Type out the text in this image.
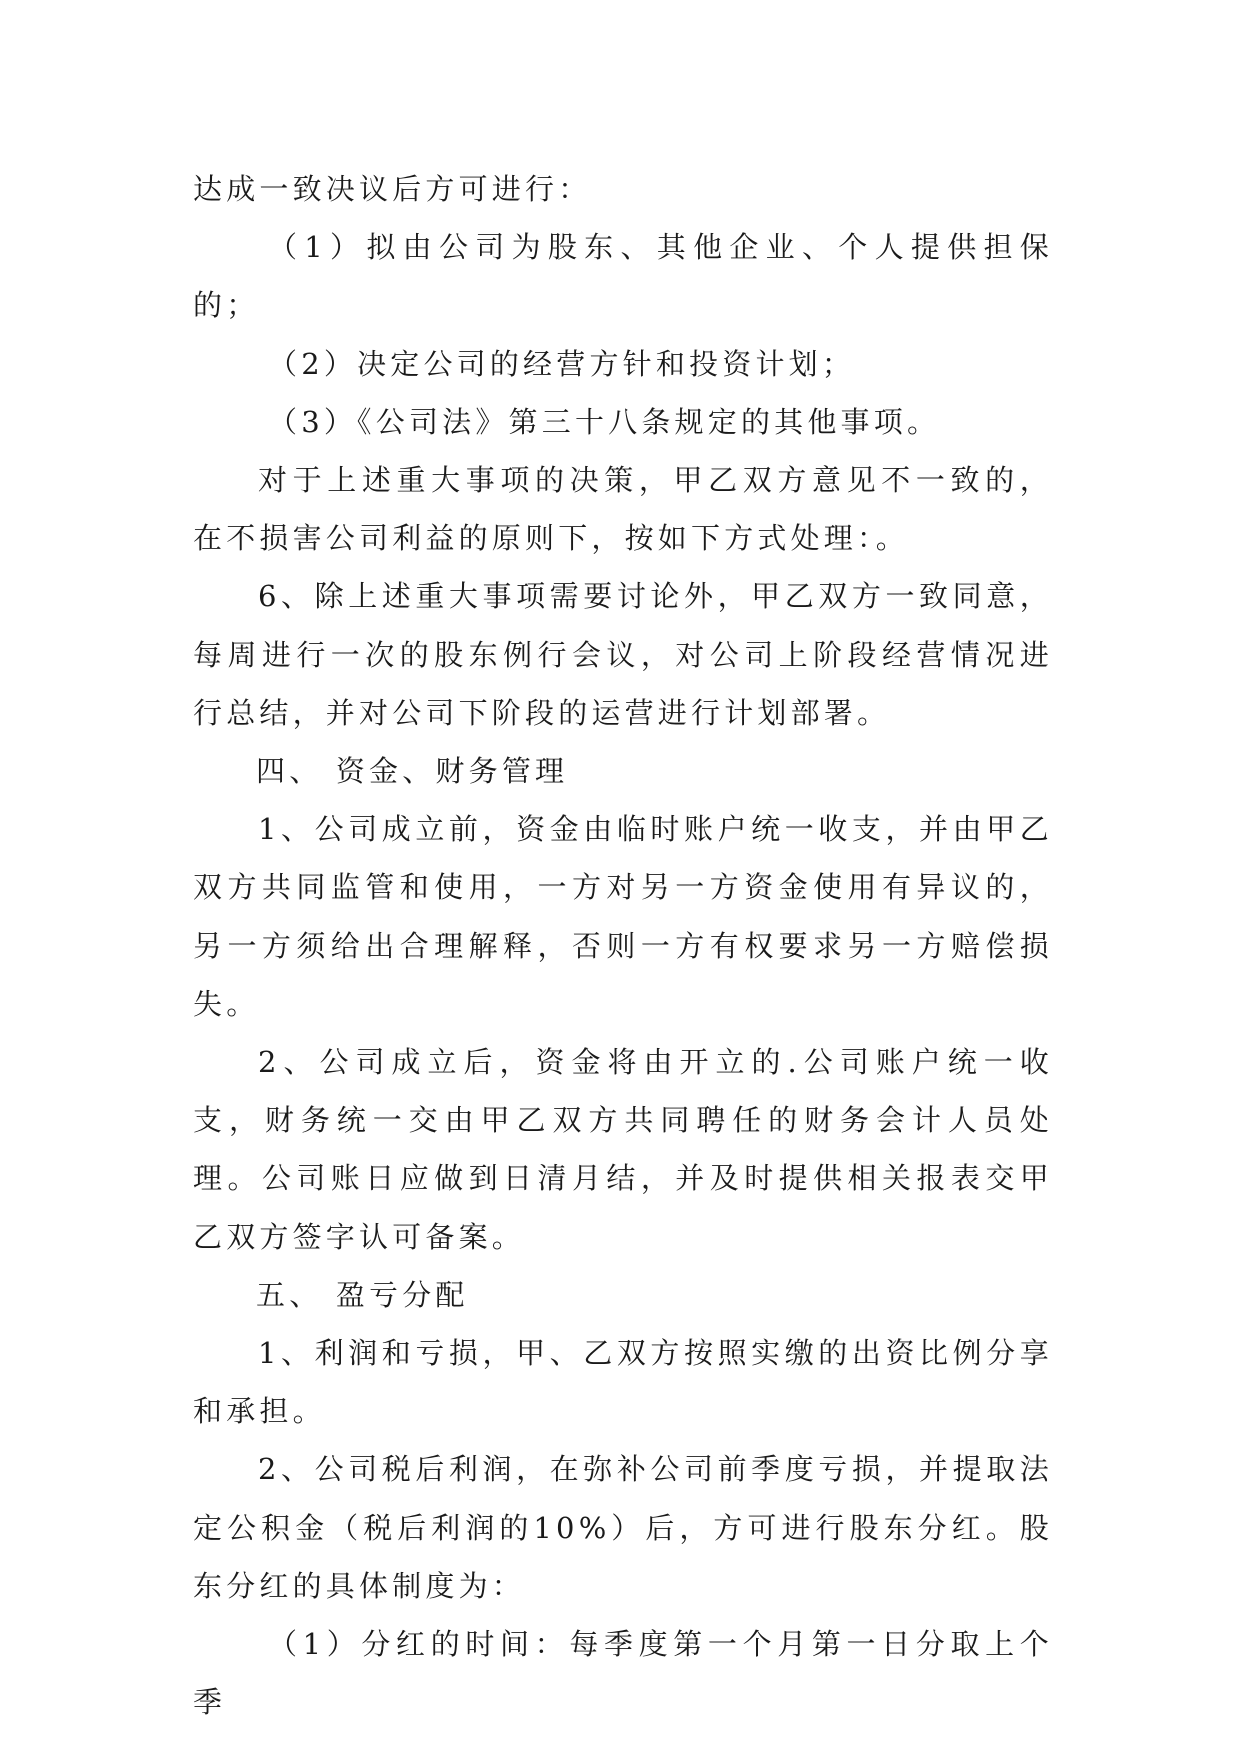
达成一致决议后方可进行：

（1）拟由公司为股东、其他企业、个人提供担保的；

（2）决定公司的经营方针和投资计划；

（3）《公司法》第三十八条规定的其他事项。

对于上述重大事项的决策，甲乙双方意见不一致的，在不损害公司利益的原则下，按如下方式处理：。

6、除上述重大事项需要讨论外，甲乙双方一致同意，每周进行一次的股东例行会议，对公司上阶段经营情况进行总结，并对公司下阶段的运营进行计划部署。

四、 资金、财务管理

1、公司成立前，资金由临时账户统一收支，并由甲乙双方共同监管和使用，一方对另一方资金使用有异议的，另一方须给出合理解释，否则一方有权要求另一方赔偿损失。

2、公司成立后，资金将由开立的.公司账户统一收支，财务统一交由甲乙双方共同聘任的财务会计人员处理。公司账日应做到日清月结，并及时提供相关报表交甲乙双方签字认可备案。

五、 盈亏分配

1、利润和亏损，甲、乙双方按照实缴的出资比例分享和承担。

2、公司税后利润，在弥补公司前季度亏损，并提取法定公积金（税后利润的10%）后，方可进行股东分红。股东分红的具体制度为：

（1）分红的时间：每季度第一个月第一日分取上个季
